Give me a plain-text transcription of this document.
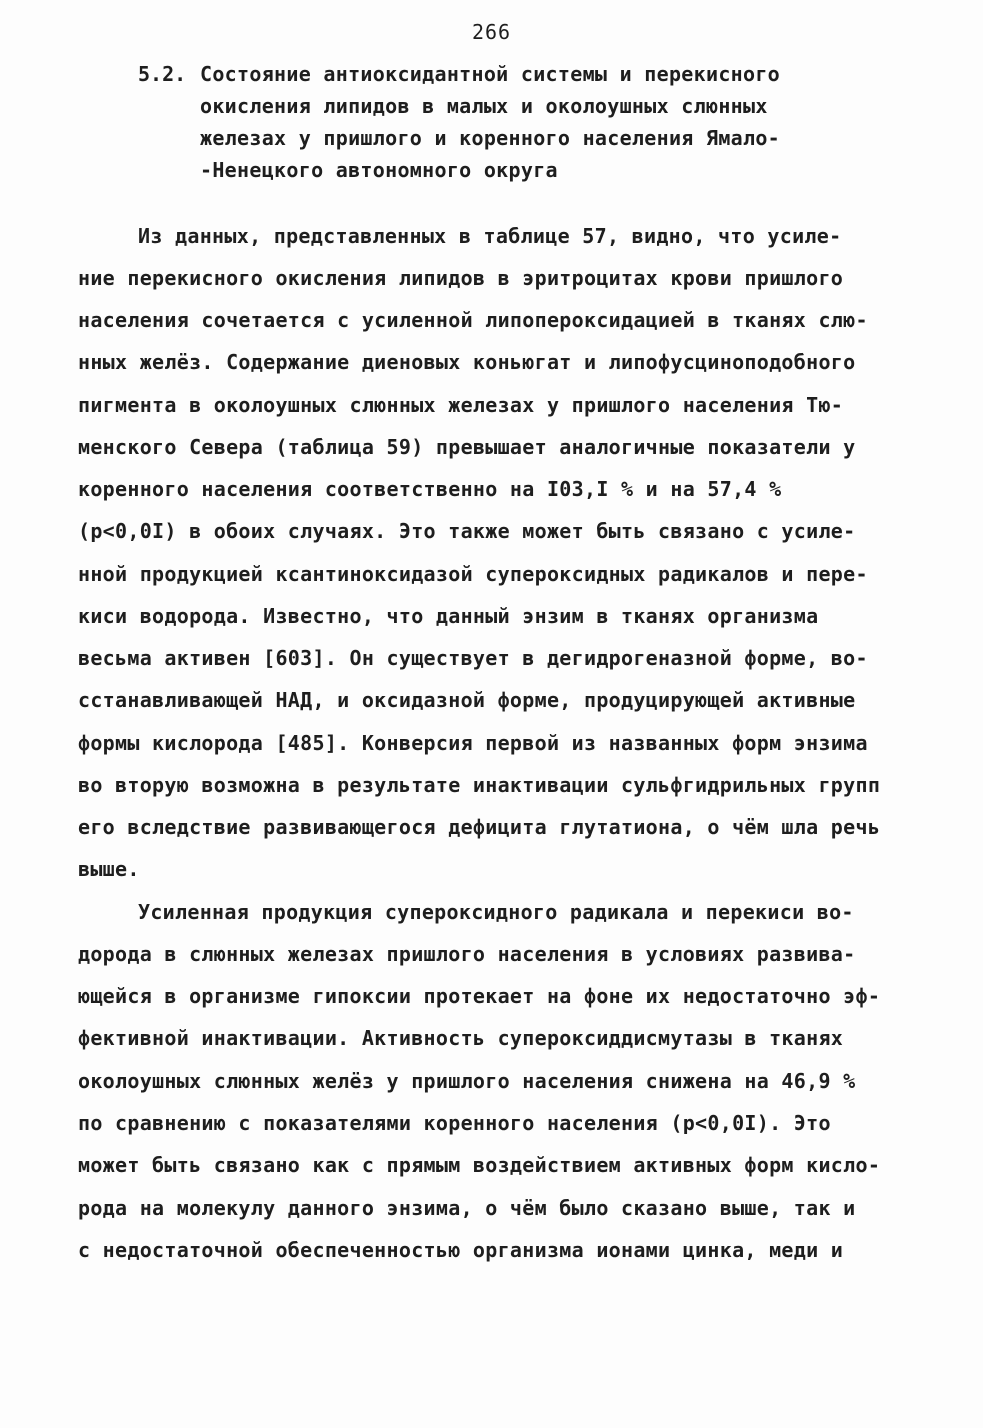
266
5.2. Состояние антиоксидантной системы и перекисного
окисления липидов в малых и околоушных слюнных
железах у пришлого и коренного населения Ямало-
-Ненецкого автономного округа
Из данных, представленных в таблице 57, видно, что усиле-
ние перекисного окисления липидов в эритроцитах крови пришлого
населения сочетается с усиленной липопероксидацией в тканях слю-
нных желёз. Содержание диеновых коньюгат и липофусциноподобного
пигмента в околоушных слюнных железах у пришлого населения Тю-
менского Севера (таблица 59) превышает аналогичные показатели у
коренного населения соответственно на I03,I % и на 57,4 %
(p<0,0I) в обоих случаях. Это также может быть связано с усиле-
нной продукцией ксантиноксидазой супероксидных радикалов и пере-
киси водорода. Известно, что данный энзим в тканях организма
весьма активен [603]. Он существует в дегидрогеназной форме, во-
сстанавливающей НАД, и оксидазной форме, продуцирующей активные
формы кислорода [485]. Конверсия первой из названных форм энзима
во вторую возможна в результате инактивации сульфгидрильных групп
его вследствие развивающегося дефицита глутатиона, о чём шла речь
выше.
Усиленная продукция супероксидного радикала и перекиси во-
дорода в слюнных железах пришлого населения в условиях развива-
ющейся в организме гипоксии протекает на фоне их недостаточно эф-
фективной инактивации. Активность супероксиддисмутазы в тканях
околоушных слюнных желёз у пришлого населения снижена на 46,9 %
по сравнению с показателями коренного населения (p<0,0I). Это
может быть связано как с прямым воздействием активных форм кисло-
рода на молекулу данного энзима, о чём было сказано выше, так и
с недостаточной обеспеченностью организма ионами цинка, меди и
